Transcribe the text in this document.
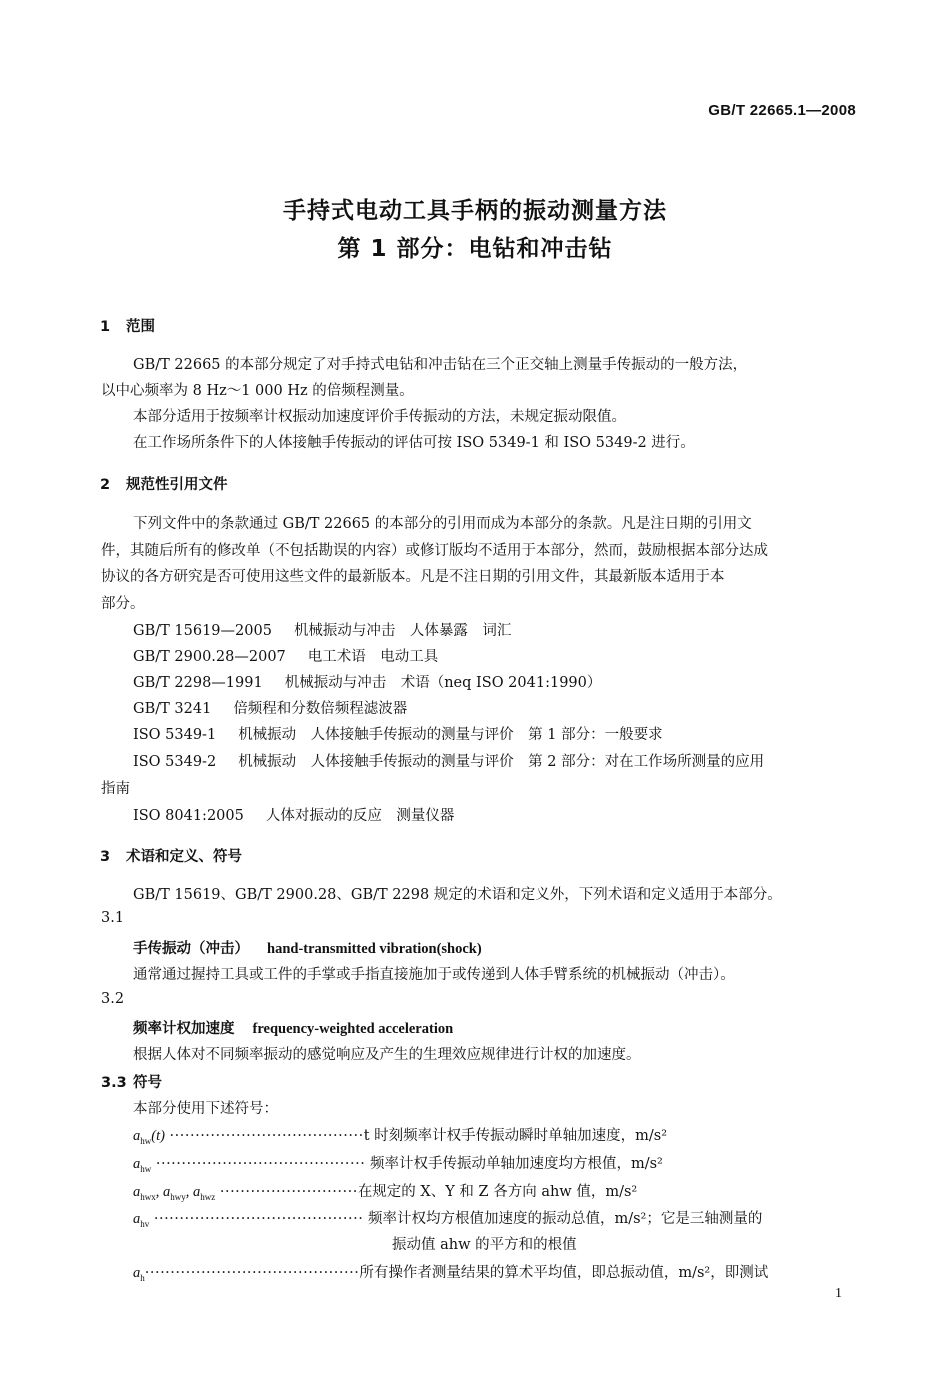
GB/T 22665.1—2008
手持式电动工具手柄的振动测量方法
第 1 部分：电钻和冲击钻
1 范围
GB/T 22665 的本部分规定了对手持式电钻和冲击钻在三个正交轴上测量手传振动的一般方法，
以中心频率为 8 Hz～1 000 Hz 的倍频程测量。
本部分适用于按频率计权振动加速度评价手传振动的方法，未规定振动限值。
在工作场所条件下的人体接触手传振动的评估可按 ISO 5349-1 和 ISO 5349-2 进行。
2 规范性引用文件
下列文件中的条款通过 GB/T 22665 的本部分的引用而成为本部分的条款。凡是注日期的引用文
件，其随后所有的修改单（不包括勘误的内容）或修订版均不适用于本部分，然而，鼓励根据本部分达成
协议的各方研究是否可使用这些文件的最新版本。凡是不注日期的引用文件，其最新版本适用于本
部分。
GB/T 15619—2005 机械振动与冲击　人体暴露　词汇
GB/T 2900.28—2007 电工术语　电动工具
GB/T 2298—1991 机械振动与冲击　术语（neq ISO 2041:1990）
GB/T 3241 倍频程和分数倍频程滤波器
ISO 5349-1 机械振动　人体接触手传振动的测量与评价　第 1 部分：一般要求
ISO 5349-2 机械振动　人体接触手传振动的测量与评价　第 2 部分：对在工作场所测量的应用
指南
ISO 8041:2005 人体对振动的反应　测量仪器
3 术语和定义、符号
GB/T 15619、GB/T 2900.28、GB/T 2298 规定的术语和定义外，下列术语和定义适用于本部分。
3.1
手传振动（冲击） hand-transmitted vibration(shock)
通常通过握持工具或工件的手掌或手指直接施加于或传递到人体手臂系统的机械振动（冲击）。
3.2
频率计权加速度 frequency-weighted acceleration
根据人体对不同频率振动的感觉响应及产生的生理效应规律进行计权的加速度。
3.3 符号
本部分使用下述符号：
$a_{hw}(t) \cdot\cdot\cdot\cdot\cdot\cdot\cdot\cdot\cdot\cdot\cdot\cdot\cdot\cdot\cdot\cdot\cdot\cdot\cdot\cdot\cdot\cdot\cdot\cdot\cdot\cdot\cdot\cdot\cdot\cdot\cdot\cdot\cdot\cdot\cdot\cdot\cdot\cdot t$ 时刻频率计权手传振动瞬时单轴加速度，m/s²
$a_{hw}$ ········································· 频率计权手传振动单轴加速度均方根值，m/s²
$a_{hwx}$, $a_{hwy}$, $a_{hwz}$ ···························在规定的 X、Y 和 Z 各方向 ahw 值，m/s²
$a_{hv}$ ········································· 频率计权均方根值加速度的振动总值，m/s²；它是三轴测量的
振动值 ahw 的平方和的根值
$a_h\cdot\cdot\cdot\cdot\cdot\cdot\cdot\cdot\cdot\cdot\cdot\cdot\cdot\cdot\cdot\cdot\cdot\cdot\cdot\cdot\cdot\cdot\cdot\cdot\cdot\cdot\cdot\cdot\cdot\cdot\cdot\cdot\cdot\cdot\cdot\cdot\cdot\cdot\cdot\cdot\cdot\cdot$所有操作者测量结果的算术平均值，即总振动值，m/s²，即测试
1
